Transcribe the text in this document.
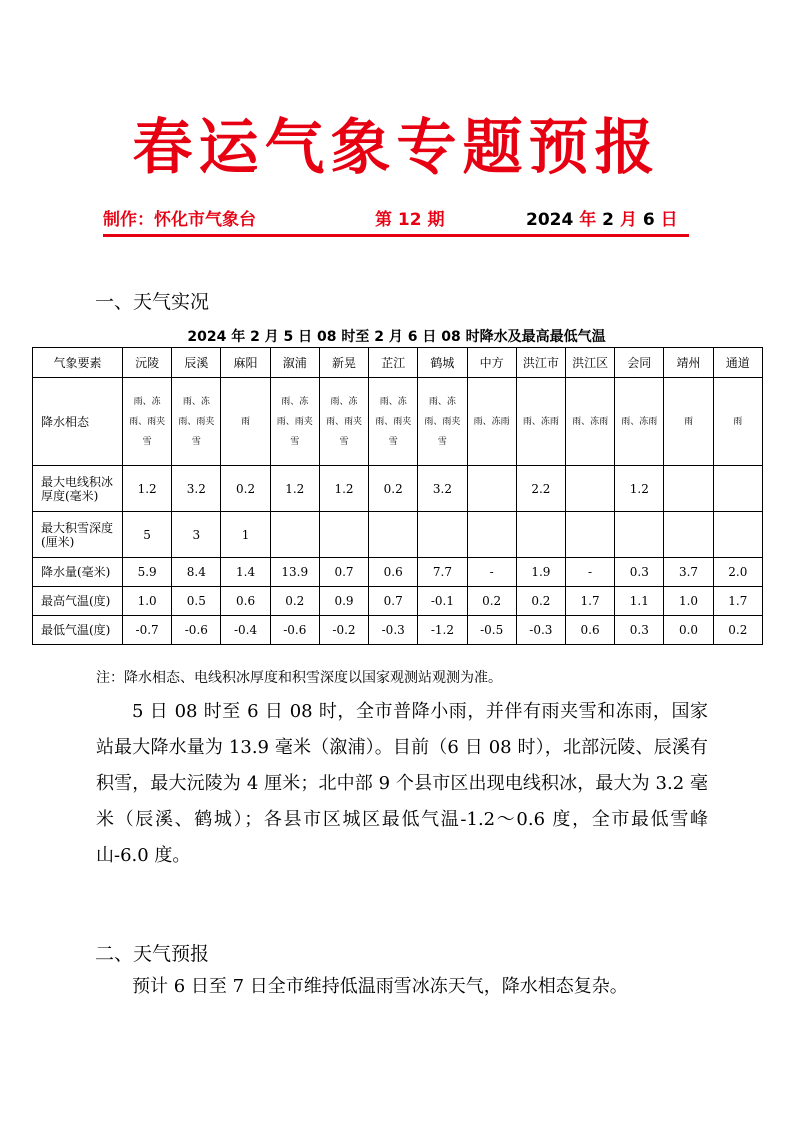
春运气象专题预报
制作：怀化市气象台	第 12 期	2024 年 2 月 6 日
一、天气实况
2024 年 2 月 5 日 08 时至 2 月 6 日 08 时降水及最高最低气温
气象要素	沅陵	辰溪	麻阳	溆浦	新晃	芷江	鹤城	中方	洪江市	洪江区	会同	靖州	通道
降水相态	雨、冻雨、雨夹雪	雨、冻雨、雨夹雪	雨	雨、冻雨、雨夹雪	雨、冻雨、雨夹雪	雨、冻雨、雨夹雪	雨、冻雨、雨夹雪	雨、冻雨	雨、冻雨	雨、冻雨	雨、冻雨	雨	雨
最大电线积冰厚度(毫米)	1.2	3.2	0.2	1.2	1.2	0.2	3.2		2.2		1.2		
最大积雪深度(厘米)	5	3	1										
降水量(毫米)	5.9	8.4	1.4	13.9	0.7	0.6	7.7	-	1.9	-	0.3	3.7	2.0
最高气温(度)	1.0	0.5	0.6	0.2	0.9	0.7	-0.1	0.2	0.2	1.7	1.1	1.0	1.7
最低气温(度)	-0.7	-0.6	-0.4	-0.6	-0.2	-0.3	-1.2	-0.5	-0.3	0.6	0.3	0.0	0.2
注：降水相态、电线积冰厚度和积雪深度以国家观测站观测为准。
5 日 08 时至 6 日 08 时，全市普降小雨，并伴有雨夹雪和冻雨，国家站最大降水量为 13.9 毫米（溆浦）。目前（6 日 08 时），北部沅陵、辰溪有积雪，最大沅陵为 4 厘米；北中部 9 个县市区出现电线积冰，最大为 3.2 毫米（辰溪、鹤城）；各县市区城区最低气温-1.2～0.6 度，全市最低雪峰山-6.0 度。
二、天气预报
预计 6 日至 7 日全市维持低温雨雪冰冻天气，降水相态复杂。
